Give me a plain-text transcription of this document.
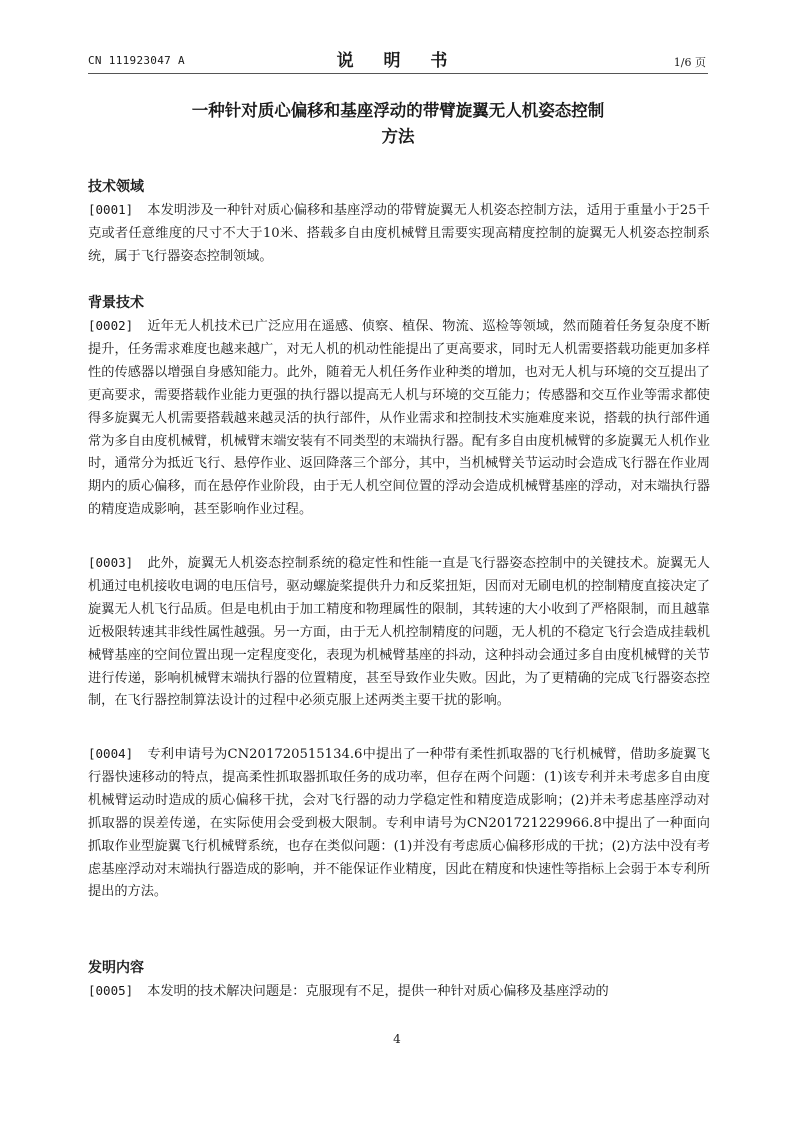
CN 111923047 A	说 明 书	1/6 页
一种针对质心偏移和基座浮动的带臂旋翼无人机姿态控制
方法
技术领域

[0001] 本发明涉及一种针对质心偏移和基座浮动的带臂旋翼无人机姿态控制方法，适用于重量小于25千克或者任意维度的尺寸不大于10米、搭载多自由度机械臂且需要实现高精度控制的旋翼无人机姿态控制系统，属于飞行器姿态控制领域。

背景技术

[0002] 近年无人机技术已广泛应用在遥感、侦察、植保、物流、巡检等领域，然而随着任务复杂度不断提升，任务需求难度也越来越广，对无人机的机动性能提出了更高要求，同时无人机需要搭载功能更加多样性的传感器以增强自身感知能力。此外，随着无人机任务作业种类的增加，也对无人机与环境的交互提出了更高要求，需要搭载作业能力更强的执行器以提高无人机与环境的交互能力；传感器和交互作业等需求都使得多旋翼无人机需要搭载越来越灵活的执行部件，从作业需求和控制技术实施难度来说，搭载的执行部件通常为多自由度机械臂，机械臂末端安装有不同类型的末端执行器。配有多自由度机械臂的多旋翼无人机作业时，通常分为抵近飞行、悬停作业、返回降落三个部分，其中，当机械臂关节运动时会造成飞行器在作业周期内的质心偏移，而在悬停作业阶段，由于无人机空间位置的浮动会造成机械臂基座的浮动，对末端执行器的精度造成影响，甚至影响作业过程。

[0003] 此外，旋翼无人机姿态控制系统的稳定性和性能一直是飞行器姿态控制中的关键技术。旋翼无人机通过电机接收电调的电压信号，驱动螺旋桨提供升力和反桨扭矩，因而对无刷电机的控制精度直接决定了旋翼无人机飞行品质。但是电机由于加工精度和物理属性的限制，其转速的大小收到了严格限制，而且越靠近极限转速其非线性属性越强。另一方面，由于无人机控制精度的问题，无人机的不稳定飞行会造成挂载机械臂基座的空间位置出现一定程度变化，表现为机械臂基座的抖动，这种抖动会通过多自由度机械臂的关节进行传递，影响机械臂末端执行器的位置精度，甚至导致作业失败。因此，为了更精确的完成飞行器姿态控制，在飞行器控制算法设计的过程中必须克服上述两类主要干扰的影响。

[0004] 专利申请号为CN201720515134.6中提出了一种带有柔性抓取器的飞行机械臂，借助多旋翼飞行器快速移动的特点，提高柔性抓取器抓取任务的成功率，但存在两个问题：(1)该专利并未考虑多自由度机械臂运动时造成的质心偏移干扰，会对飞行器的动力学稳定性和精度造成影响；(2)并未考虑基座浮动对抓取器的误差传递，在实际使用会受到极大限制。专利申请号为CN201721229966.8中提出了一种面向抓取作业型旋翼飞行机械臂系统，也存在类似问题：(1)并没有考虑质心偏移形成的干扰；(2)方法中没有考虑基座浮动对末端执行器造成的影响，并不能保证作业精度，因此在精度和快速性等指标上会弱于本专利所提出的方法。

发明内容

[0005] 本发明的技术解决问题是：克服现有不足，提供一种针对质心偏移及基座浮动的

4
